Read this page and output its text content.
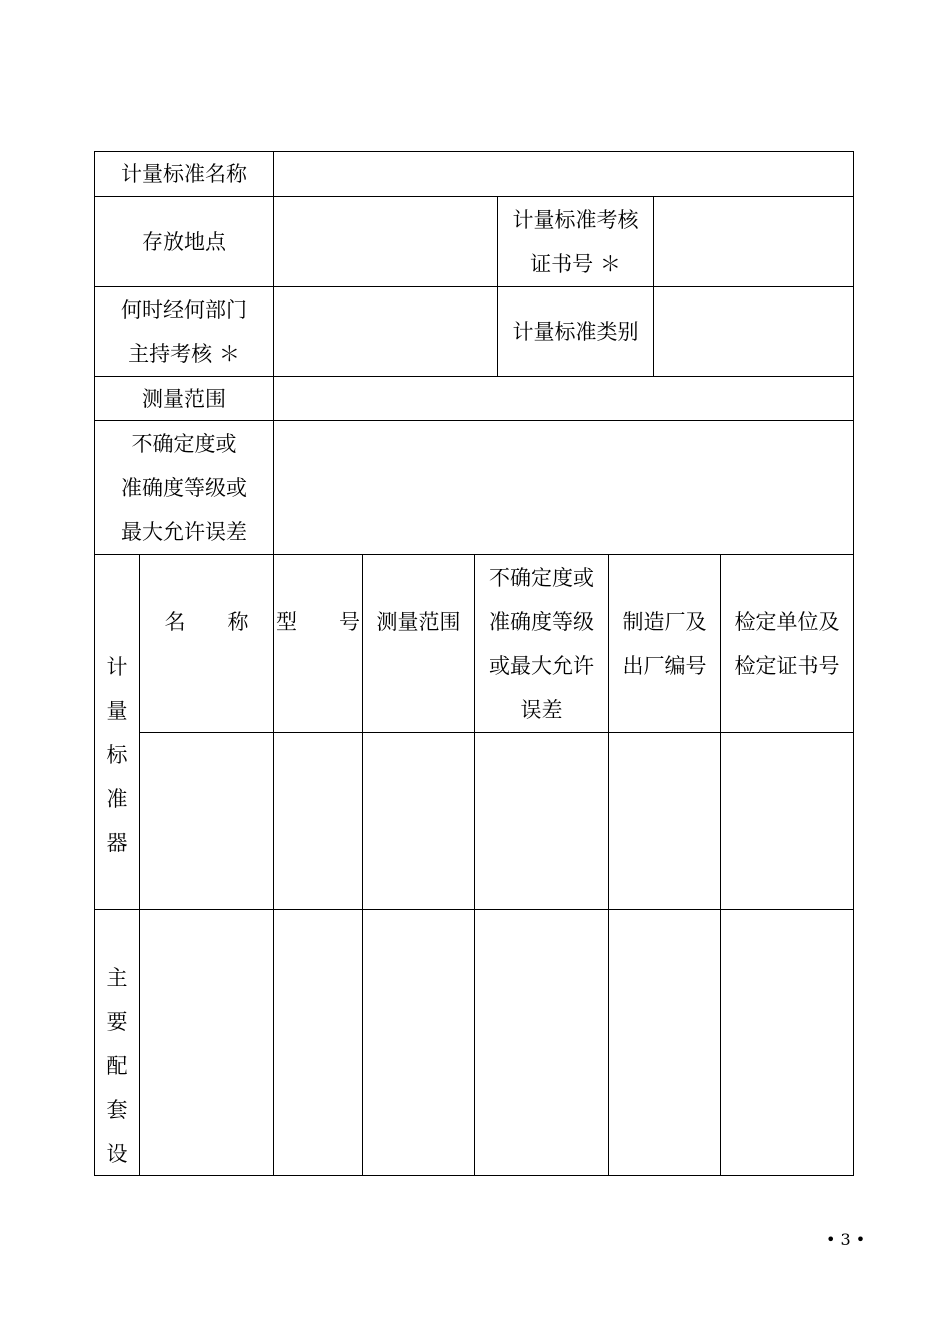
计量标准名称
存放地点
计量标准考核
证书号 ＊
何时经何部门
主持考核 ＊
计量标准类别
测量范围
不确定度或
准确度等级或
最大允许误差
名　　称 型　　号 测量范围
不确定度或
准确度等级
或最大允许
误差
制造厂及
出厂编号
检定单位及
检定证书号
计
量
标
准
器
主
要
配
套
设
• 3 •
